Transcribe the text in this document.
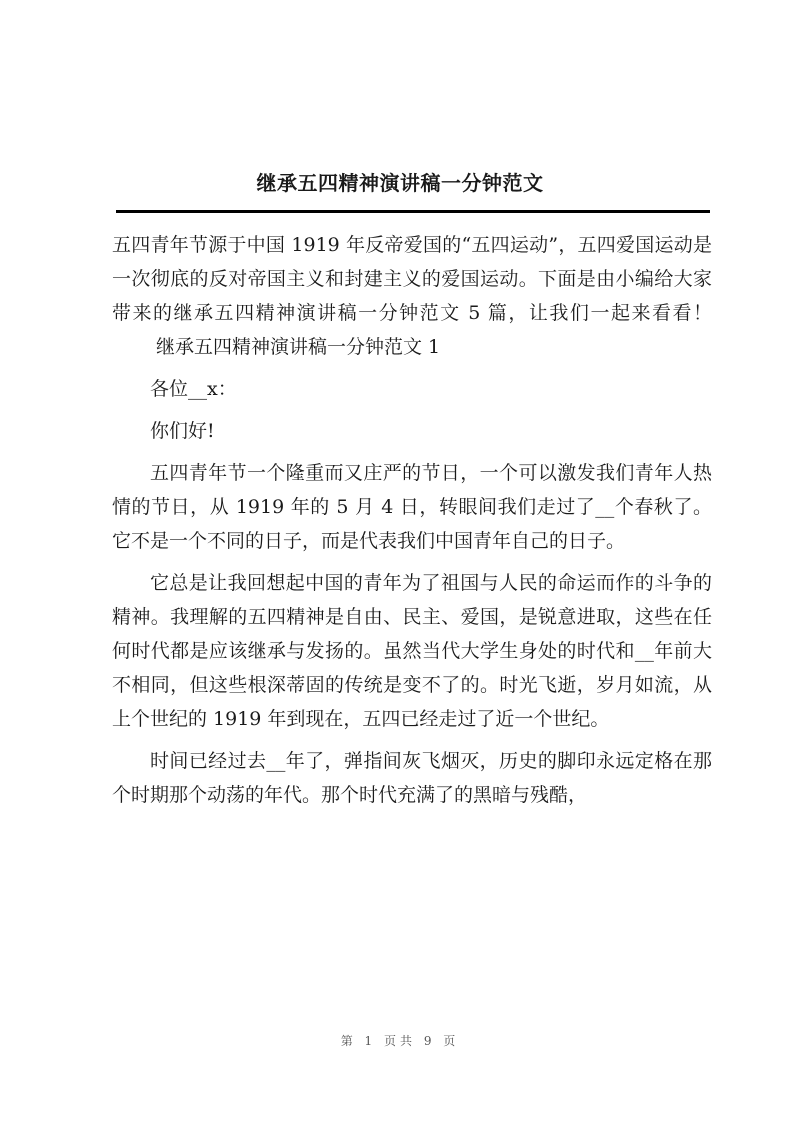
继承五四精神演讲稿一分钟范文

五四青年节源于中国 1919 年反帝爱国的“五四运动”，五四爱国运动是一次彻底的反对帝国主义和封建主义的爱国运动。下面是由小编给大家带来的继承五四精神演讲稿一分钟范文 5 篇，让我们一起来看看！继承五四精神演讲稿一分钟范文 1

各位__x：

你们好!

五四青年节一个隆重而又庄严的节日，一个可以激发我们青年人热情的节日，从 1919 年的 5 月 4 日，转眼间我们走过了__个春秋了。它不是一个不同的日子，而是代表我们中国青年自己的日子。

它总是让我回想起中国的青年为了祖国与人民的命运而作的斗争的精神。我理解的五四精神是自由、民主、爱国，是锐意进取，这些在任何时代都是应该继承与发扬的。虽然当代大学生身处的时代和__年前大不相同，但这些根深蒂固的传统是变不了的。时光飞逝，岁月如流，从上个世纪的 1919 年到现在，五四已经走过了近一个世纪。

时间已经过去__年了，弹指间灰飞烟灭，历史的脚印永远定格在那个时期那个动荡的年代。那个时代充满了的黑暗与残酷，

第 1 页共 9 页
